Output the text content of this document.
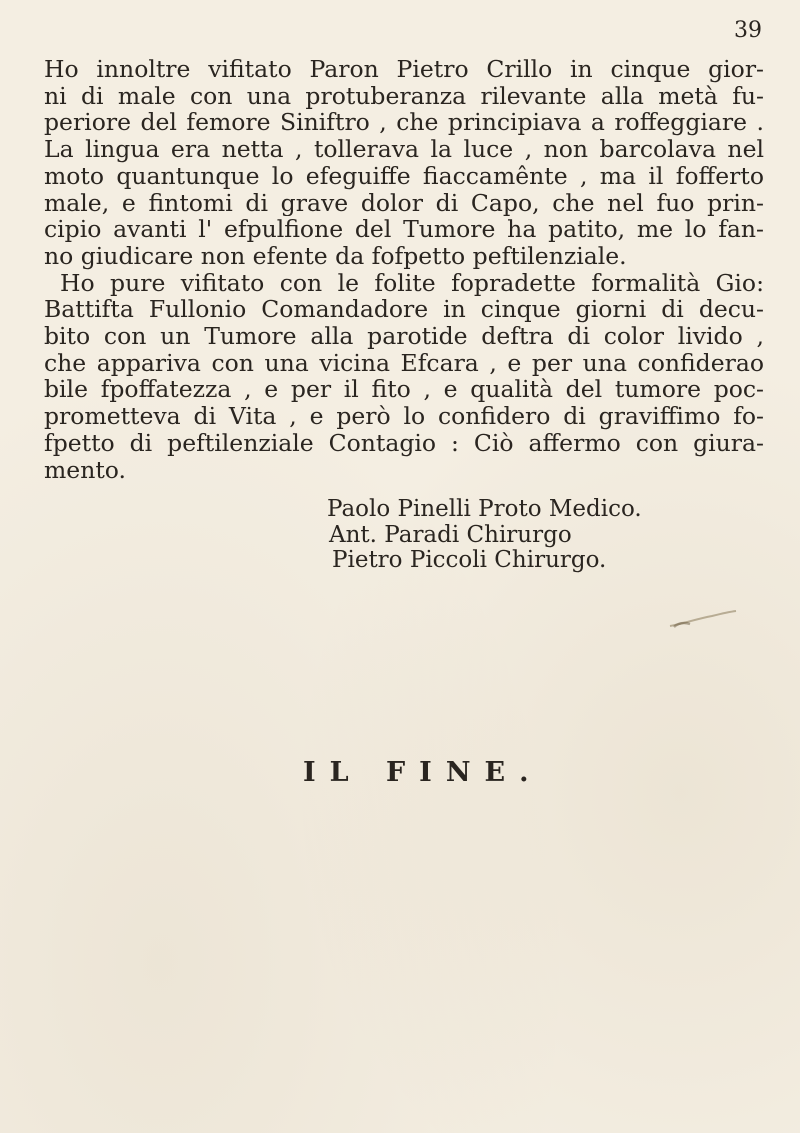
39
Ho innoltre vifitato Paron Pietro Crillo in cinque gior-
ni di male con una protuberanza rilevante alla metà fu-
periore del femore Siniftro , che principiava a roffeggiare .
La lingua era netta , tollerava la luce , non barcolava nel
moto quantunque lo efeguiffe fiaccamênte , ma il fofferto
male, e fintomi di grave dolor di Capo, che nel fuo prin-
cipio avanti l' efpulfione del Tumore ha patito, me lo fan-
no giudicare non efente da fofpetto peftilenziale.
Ho pure vifitato con le folite fopradette formalità Gio:
Battifta Fullonio Comandadore in cinque giorni di decu-
bito con un Tumore alla parotide deftra di color livido ,
che appariva con una vicina Efcara , e per una confiderao
bile fpoffatezza , e per il fito , e qualità del tumore poc-
prometteva di Vita , e però lo confidero di graviffimo fo-
fpetto di peftilenziale Contagio : Ciò affermo con giura-
mento.
Paolo Pinelli Proto Medico.
Ant. Paradi Chirurgo
Pietro Piccoli Chirurgo.
IL FINE.
